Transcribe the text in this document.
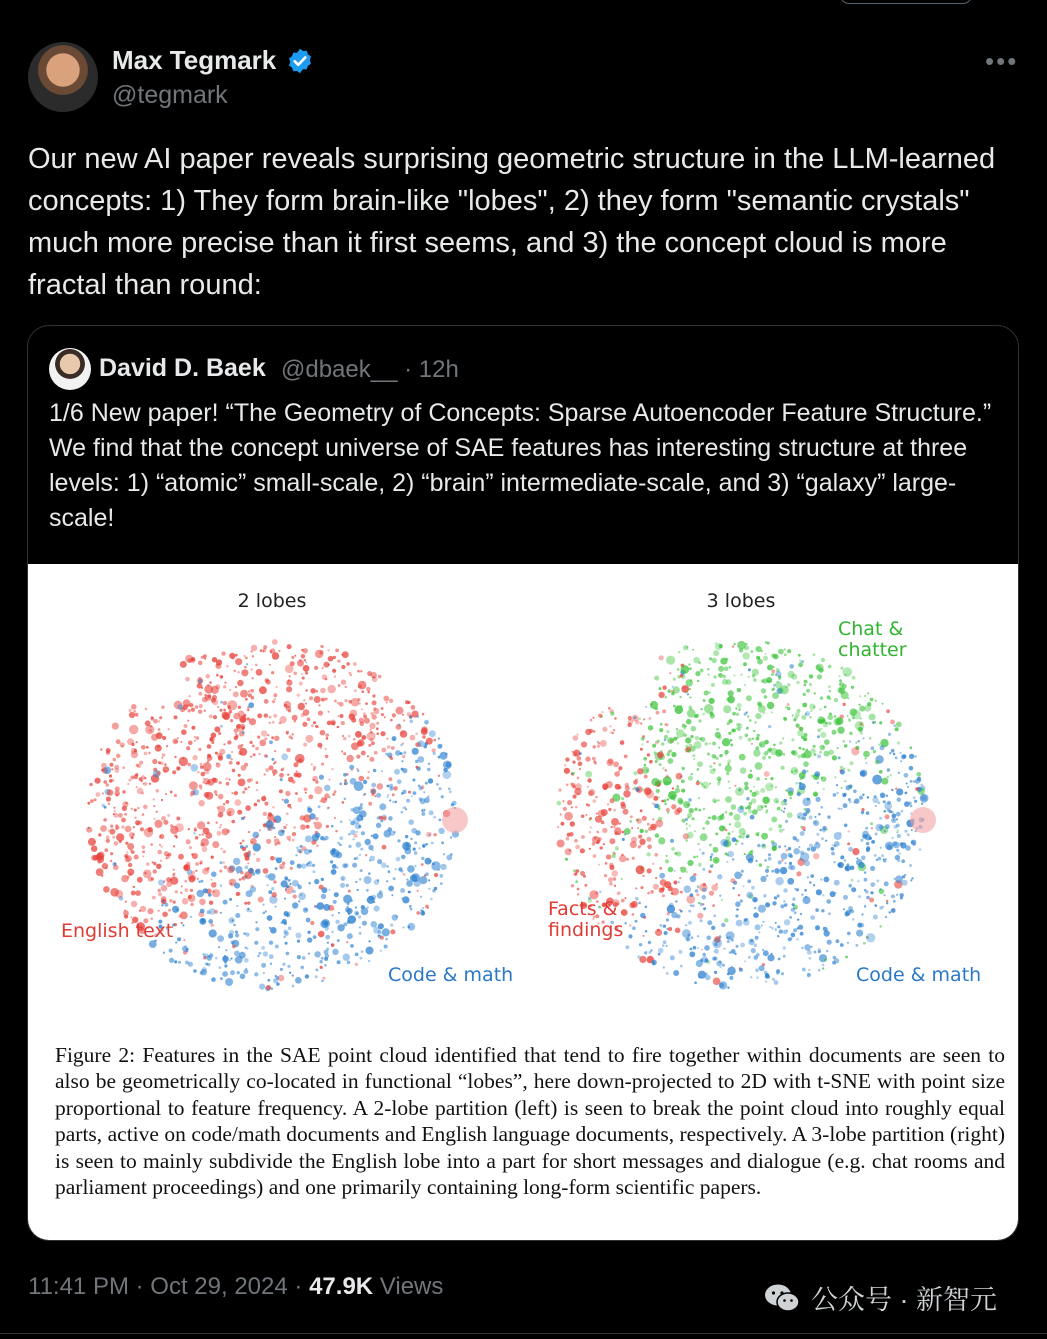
Max Tegmark
@tegmark
•••
Our new AI paper reveals surprising geometric structure in the LLM-learned concepts: 1) They form brain-like "lobes", 2) they form "semantic crystals" much more precise than it first seems, and 3) the concept cloud is more fractal than round:
David D. Baek @dbaek__ · 12h
1/6 New paper! “The Geometry of Concepts: Sparse Autoencoder Feature Structure.” We find that the concept universe of SAE features has interesting structure at three levels: 1) “atomic” small-scale, 2) “brain” intermediate-scale, and 3) “galaxy” large-scale!
2 lobes	3 lobes
English text
Code & math
Chat &
chatter
Facts &
findings
Code & math
Figure 2: Features in the SAE point cloud identified that tend to fire together within documents are seen to also be geometrically co-located in functional “lobes”, here down-projected to 2D with t-SNE with point size proportional to feature frequency. A 2-lobe partition (left) is seen to break the point cloud into roughly equal parts, active on code/math documents and English language documents, respectively. A 3-lobe partition (right) is seen to mainly subdivide the English lobe into a part for short messages and dialogue (e.g. chat rooms and parliament proceedings) and one primarily containing long-form scientific papers.
11:41 PM · Oct 29, 2024 · 47.9K Views	公众号 · 新智元
